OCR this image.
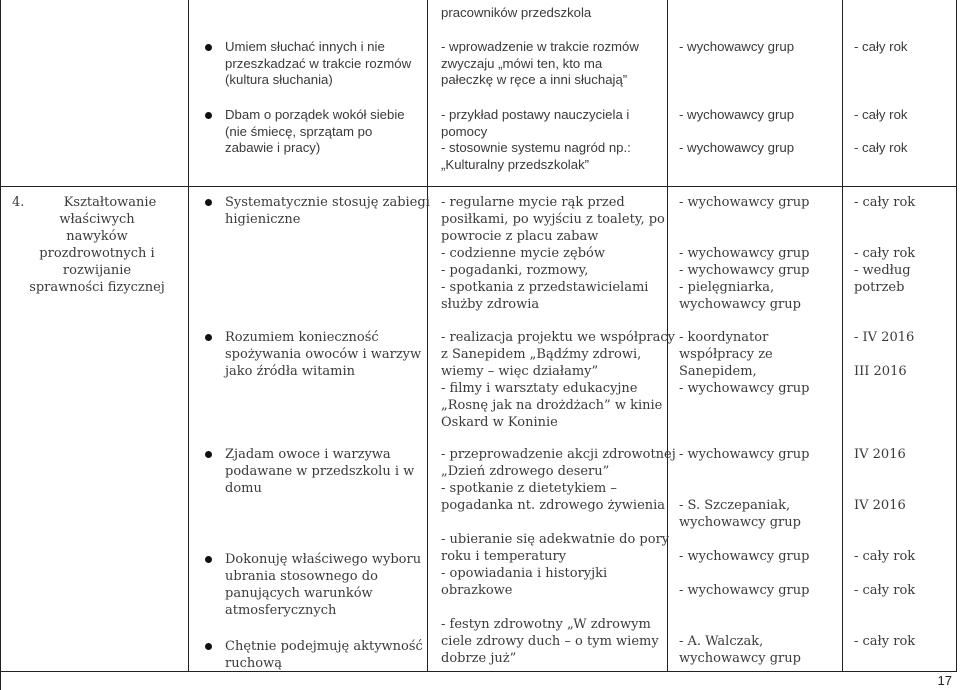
pracowników przedszkola
Umiem słuchać innych i nie
przeszkadzać w trakcie rozmów
(kultura słuchania)
- wprowadzenie w trakcie rozmów
zwyczaju „mówi ten, kto ma
pałeczkę w ręce a inni słuchają”
- wychowawcy grup	- cały rok
Dbam o porządek wokół siebie
(nie śmiecę, sprzątam po
zabawie i pracy)
- przykład postawy nauczyciela i
pomocy
- stosownie systemu nagród np.:
„Kulturalny przedszkolak”
- wychowawcy grup

- wychowawcy grup
- cały rok

- cały rok
4.	Kształtowanie
właściwych
nawyków
prozdrowotnych i
rozwijanie
sprawności fizycznej
Systematycznie stosuję zabiegi
higieniczne
- regularne mycie rąk przed
posiłkami, po wyjściu z toalety, po
powrocie z placu zabaw
- codzienne mycie zębów
- pogadanki, rozmowy,
- spotkania z przedstawicielami
służby zdrowia
- wychowawcy grup

- wychowawcy grup
- wychowawcy grup
- pielęgniarka,
wychowawcy grup
- cały rok

- cały rok
- według
potrzeb
Rozumiem konieczność
spożywania owoców i warzyw
jako źródła witamin
- realizacja projektu we współpracy
z Sanepidem „Bądźmy zdrowi,
wiemy – więc działamy”
- filmy i warsztaty edukacyjne
„Rosnę jak na drożdżach” w kinie
Oskard w Koninie
- koordynator
współpracy ze
Sanepidem,
- wychowawcy grup
- IV 2016

III 2016
Zjadam owoce i warzywa
podawane w przedszkolu i w
domu
Dokonuję właściwego wyboru
ubrania stosownego do
panujących warunków
atmosferycznych
Chętnie podejmuję aktywność
ruchową
- przeprowadzenie akcji zdrowotnej
„Dzień zdrowego deseru”
- spotkanie z dietetykiem –
pogadanka nt. zdrowego żywienia

- ubieranie się adekwatnie do pory
roku i temperatury
- opowiadania i historyjki
obrazkowe

- festyn zdrowotny „W zdrowym
ciele zdrowy duch – o tym wiemy
dobrze już”
- wychowawcy grup

- S. Szczepaniak,
wychowawcy grup

- wychowawcy grup

- wychowawcy grup

- A. Walczak,
wychowawcy grup
IV 2016

IV 2016

- cały rok

- cały rok

- cały rok
17
